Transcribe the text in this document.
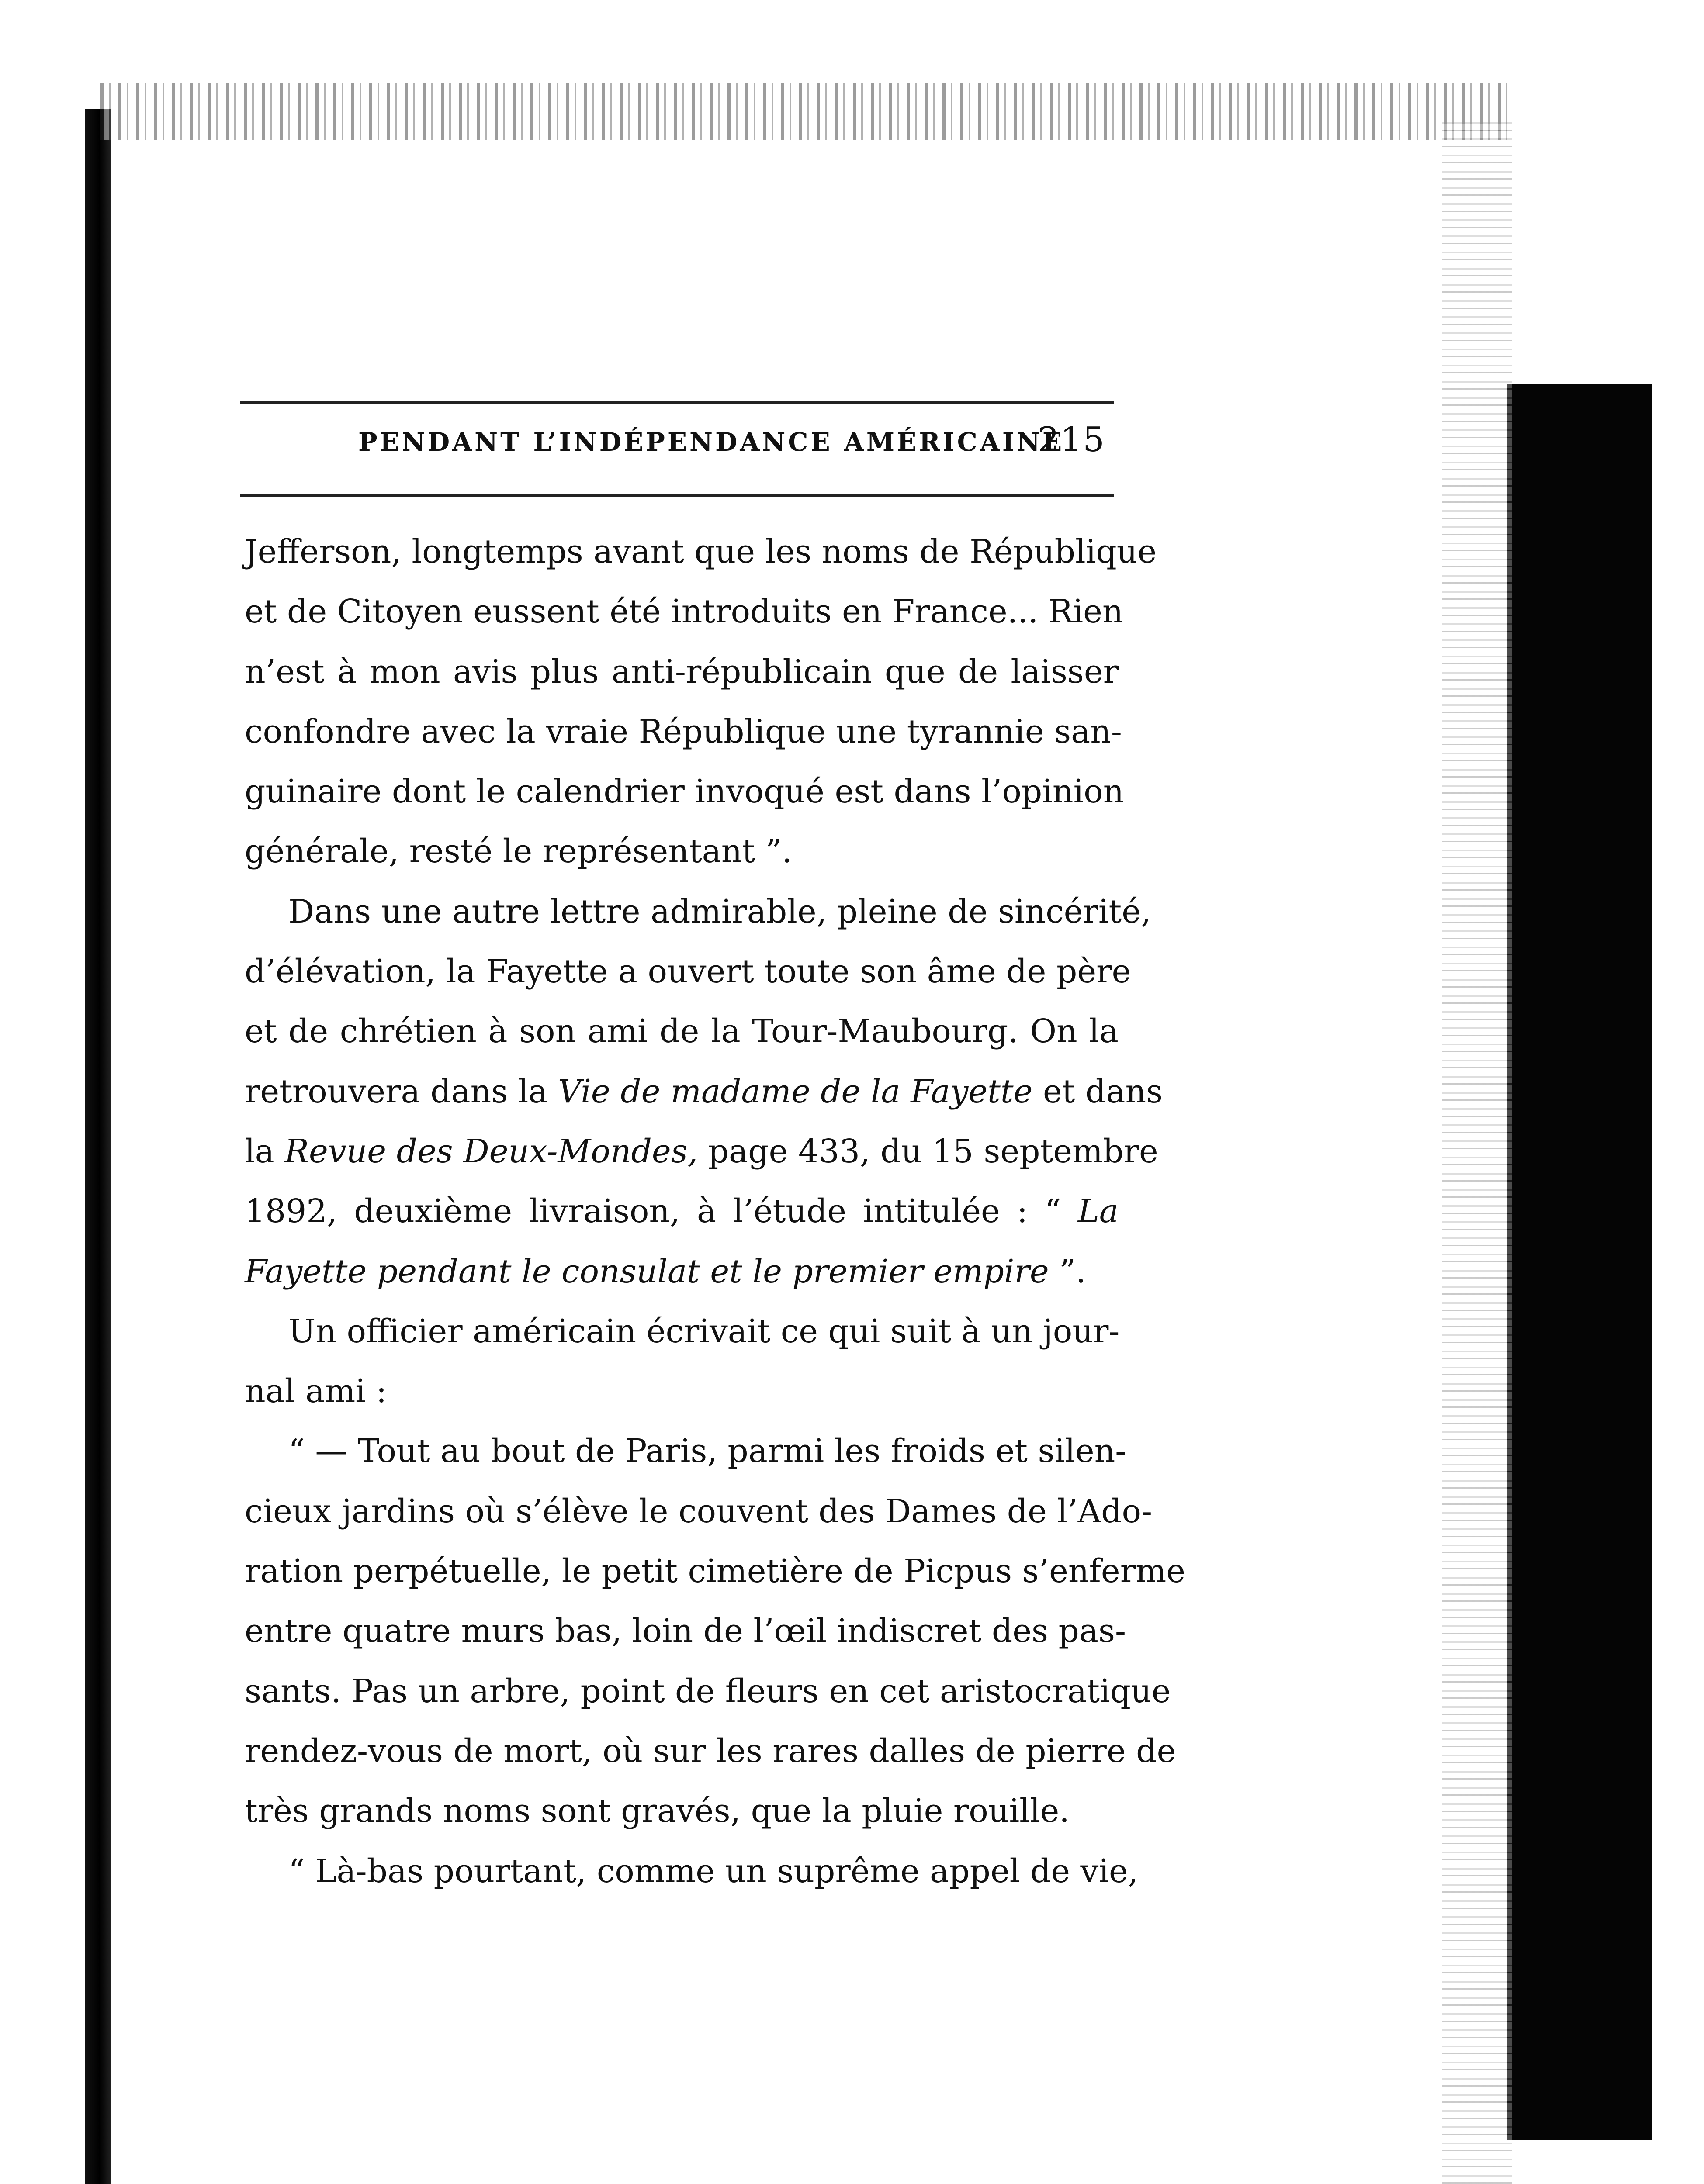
PENDANT L’INDÉPENDANCE AMÉRICAINE
215
Jefferson, longtemps avant que les noms de République
et de Citoyen eussent été introduits en France... Rien
n’est à mon avis plus anti-républicain que de laisser
confondre avec la vraie République une tyrannie san-
guinaire dont le calendrier invoqué est dans l’opinion
générale, resté le représentant ”.
Dans une autre lettre admirable, pleine de sincérité,
d’élévation, la Fayette a ouvert toute son âme de père
et de chrétien à son ami de la Tour-Maubourg. On la
retrouvera dans la Vie de madame de la Fayette et dans
la Revue des Deux-Mondes, page 433, du 15 septembre
1892, deuxième livraison, à l’étude intitulée : “ La
Fayette pendant le consulat et le premier empire ”.
Un officier américain écrivait ce qui suit à un jour-
nal ami :
“ — Tout au bout de Paris, parmi les froids et silen-
cieux jardins où s’élève le couvent des Dames de l’Ado-
ration perpétuelle, le petit cimetière de Picpus s’enferme
entre quatre murs bas, loin de l’œil indiscret des pas-
sants. Pas un arbre, point de fleurs en cet aristocratique
rendez-vous de mort, où sur les rares dalles de pierre de
très grands noms sont gravés, que la pluie rouille.
“ Là-bas pourtant, comme un suprême appel de vie,
